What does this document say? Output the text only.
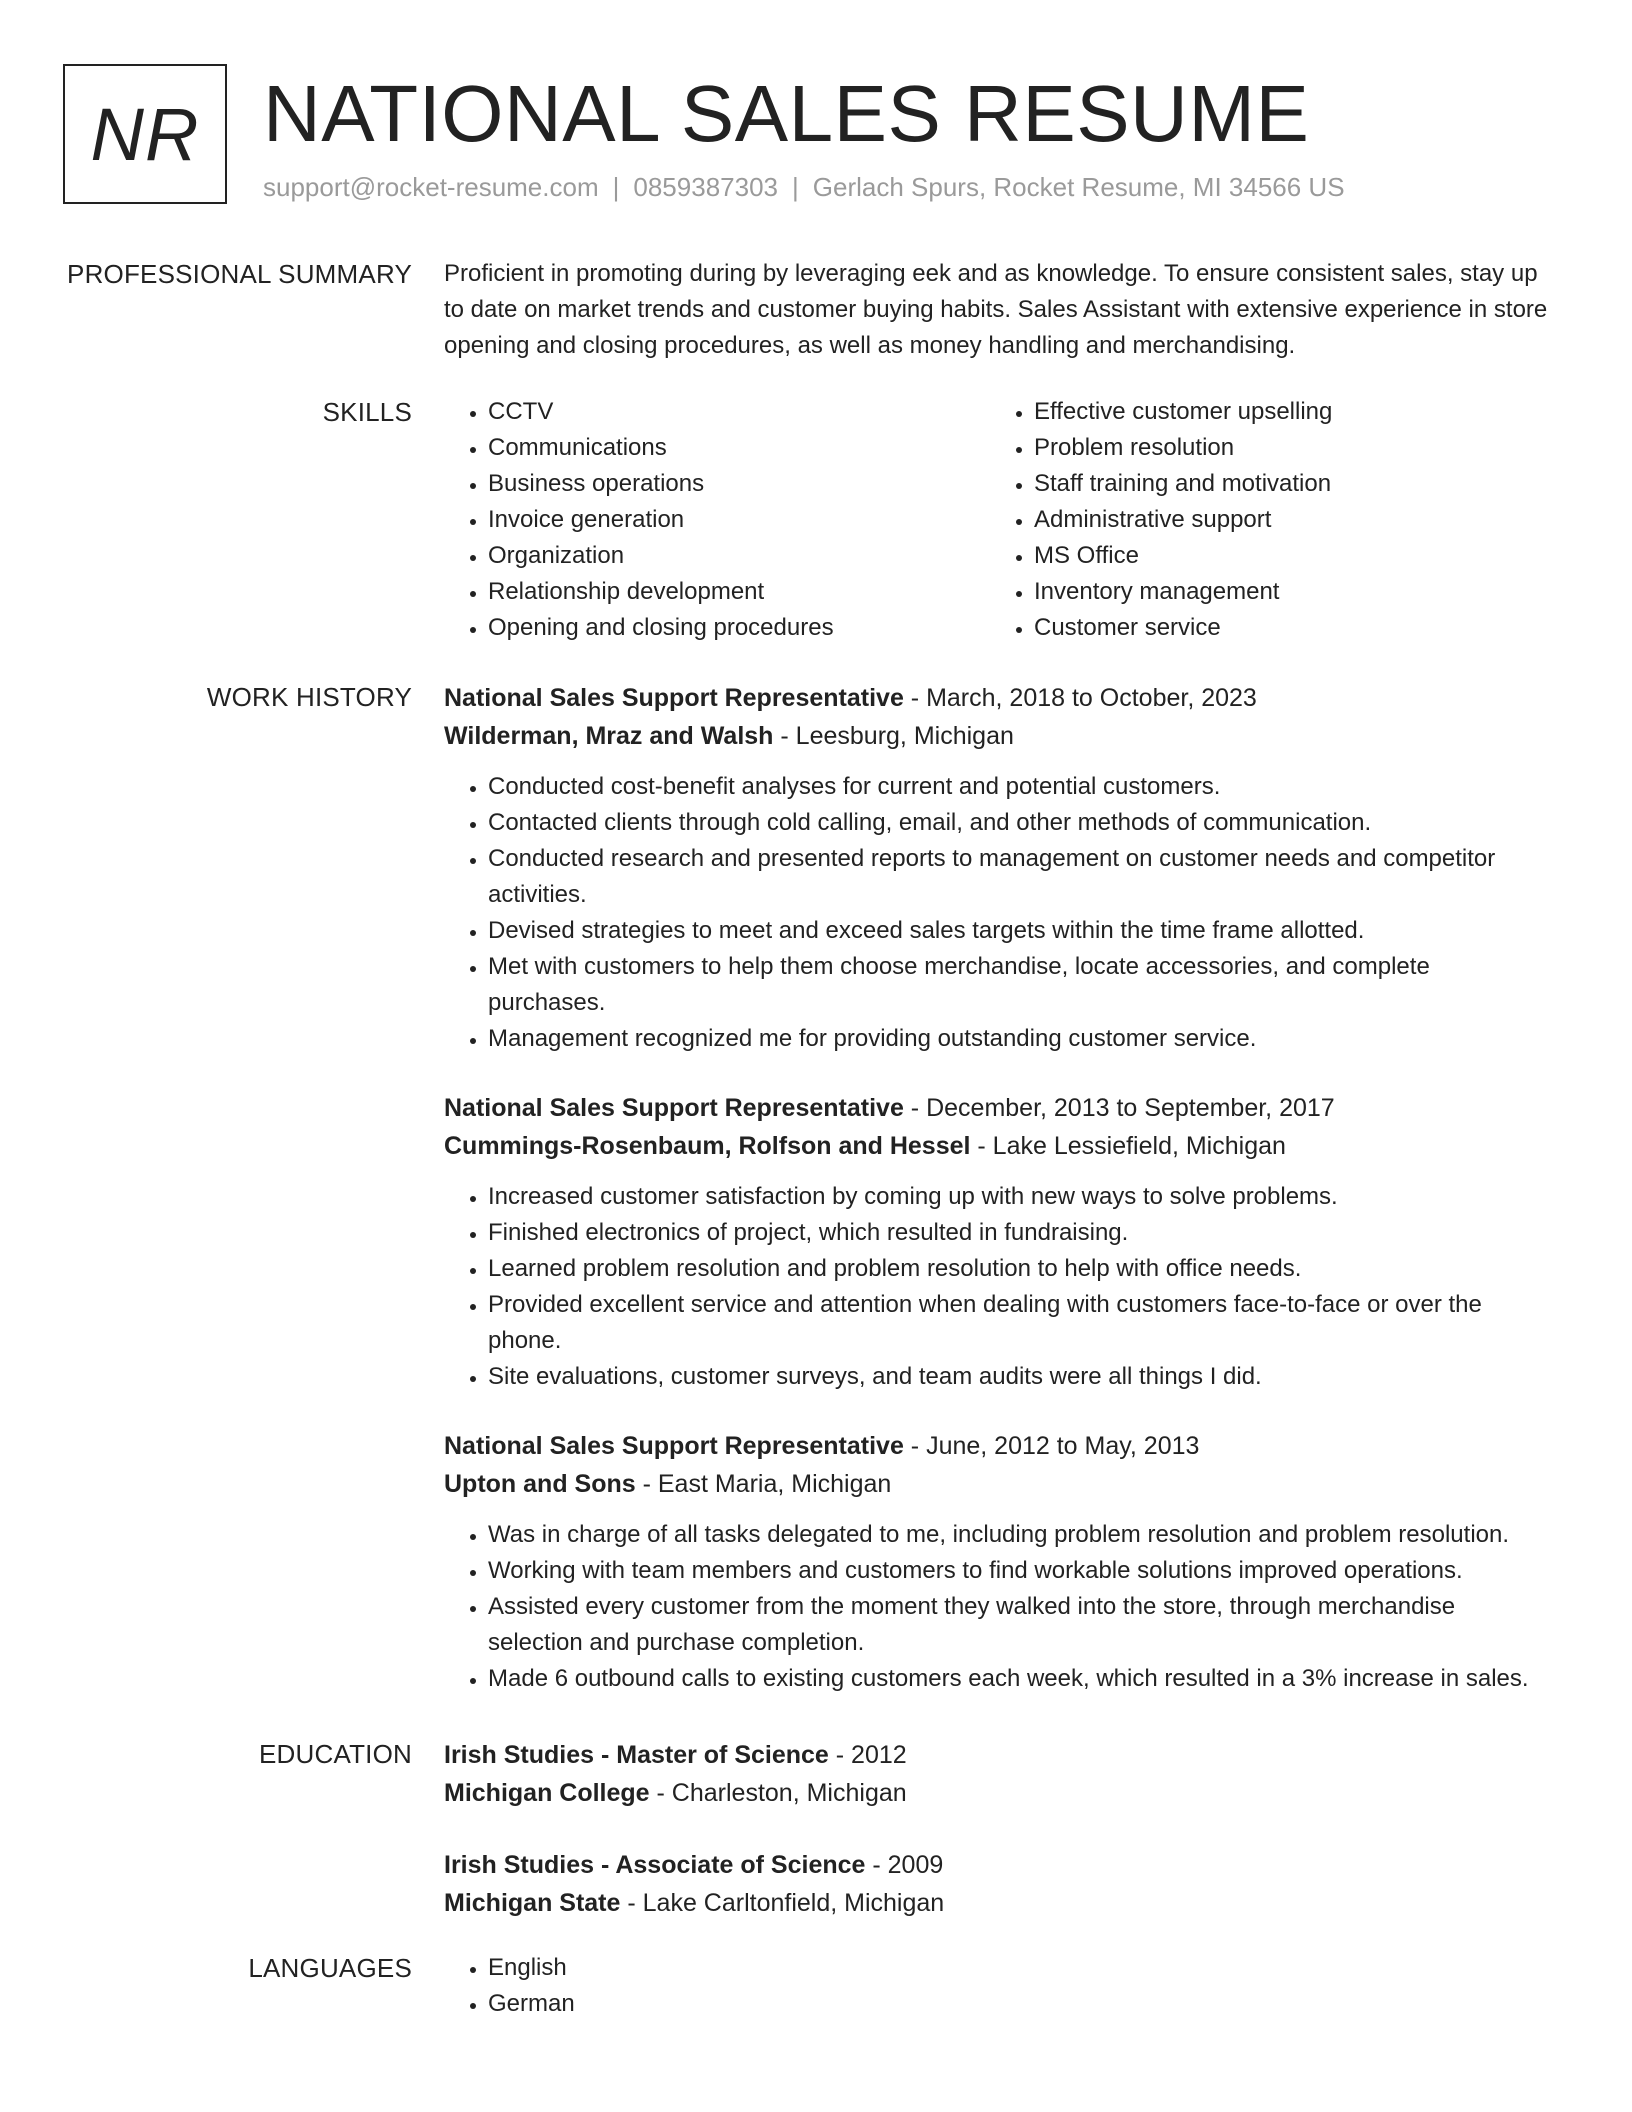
NR NATIONAL SALES RESUME
support@rocket-resume.com | 0859387303 | Gerlach Spurs, Rocket Resume, MI 34566 US
PROFESSIONAL SUMMARY Proficient in promoting during by leveraging eek and as knowledge. To ensure consistent sales, stay up to date on market trends and customer buying habits. Sales Assistant with extensive experience in store opening and closing procedures, as well as money handling and merchandising.

SKILLS	• CCTV
• Communications
• Business operations
• Invoice generation
• Organization
• Relationship development
• Opening and closing procedures
• Effective customer upselling
• Problem resolution
• Staff training and motivation
• Administrative support
• MS Office
• Inventory management
• Customer service
WORK HISTORY National Sales Support Representative - March, 2018 to October, 2023
Wilderman, Mraz and Walsh - Leesburg, Michigan
• Conducted cost-benefit analyses for current and potential customers.
• Contacted clients through cold calling, email, and other methods of communication.
• Conducted research and presented reports to management on customer needs and competitor activities.
• Devised strategies to meet and exceed sales targets within the time frame allotted.
• Met with customers to help them choose merchandise, locate accessories, and complete purchases.
• Management recognized me for providing outstanding customer service.
National Sales Support Representative - December, 2013 to September, 2017
Cummings-Rosenbaum, Rolfson and Hessel - Lake Lessiefield, Michigan
• Increased customer satisfaction by coming up with new ways to solve problems.
• Finished electronics of project, which resulted in fundraising.
• Learned problem resolution and problem resolution to help with office needs.
• Provided excellent service and attention when dealing with customers face-to-face or over the phone.
• Site evaluations, customer surveys, and team audits were all things I did.
National Sales Support Representative - June, 2012 to May, 2013
Upton and Sons - East Maria, Michigan
• Was in charge of all tasks delegated to me, including problem resolution and problem resolution.
• Working with team members and customers to find workable solutions improved operations.
• Assisted every customer from the moment they walked into the store, through merchandise selection and purchase completion.
• Made 6 outbound calls to existing customers each week, which resulted in a 3% increase in sales.
EDUCATION Irish Studies - Master of Science - 2012
Michigan College - Charleston, Michigan
Irish Studies - Associate of Science - 2009
Michigan State - Lake Carltonfield, Michigan
LANGUAGES	• English
• German
